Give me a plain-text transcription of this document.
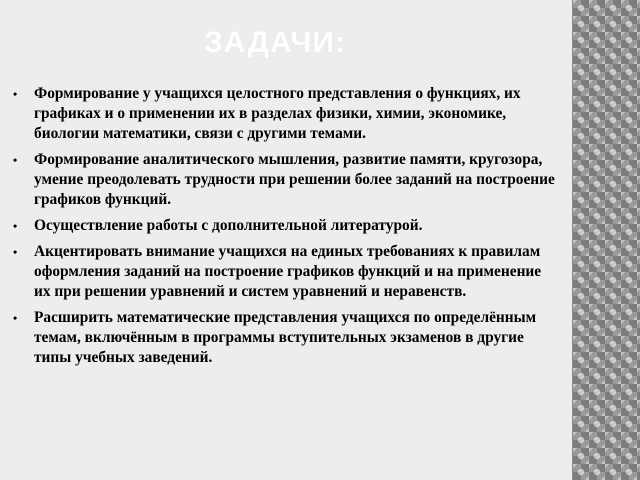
ЗАДАЧИ:
• Формирование у учащихся целостного представления о функциях, их графиках и о применении их в разделах физики, химии, экономике, биологии математики, связи с другими темами.
• Формирование аналитического мышления, развитие памяти, кругозора, умение преодолевать трудности при решении более заданий на построение графиков функций.
• Осуществление работы с дополнительной литературой.
• Акцентировать внимание учащихся на единых требованиях к правилам оформления заданий на построение графиков функций и на применение их при решении уравнений и систем уравнений и неравенств.
• Расширить математические представления учащихся по определённым темам, включённым в программы вступительных экзаменов в другие типы учебных заведений.
